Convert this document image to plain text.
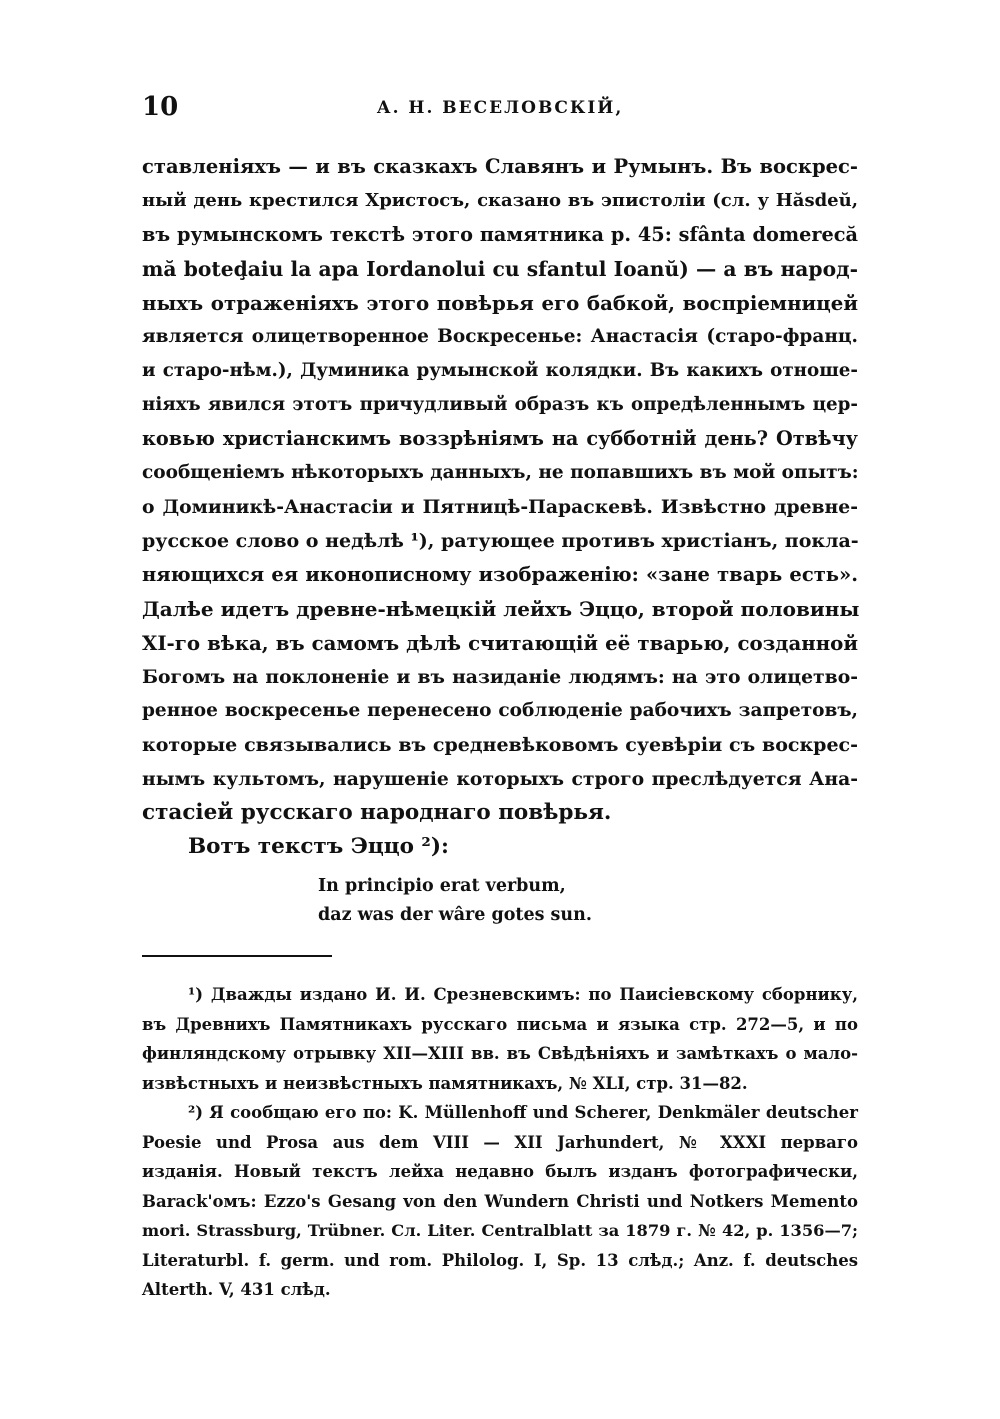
10	А. Н. ВЕСЕЛОВСКІЙ,
ставленіяхъ — и въ сказкахъ Славянъ и Румынъ. Въ воскрес-
ный день крестился Христосъ, сказано въ эпистоліи (сл. у Hăsdeŭ,
въ румынскомъ текстѣ этого памятника р. 45: sfânta domerecă
mă boteḑaiu la apa Iordanolui cu sfantul Ioanŭ) — а въ народ-
ныхъ отраженіяхъ этого повѣрья его бабкой, воспріемницей
является олицетворенное Воскресенье: Анастасія (старо-франц.
и старо-нѣм.), Думиника румынской колядки. Въ какихъ отноше-
ніяхъ явился этотъ причудливый образъ къ опредѣленнымъ цер-
ковью христіанскимъ воззрѣніямъ на субботній день? Отвѣчу
сообщеніемъ нѣкоторыхъ данныхъ, не попавшихъ въ мой опытъ:
о Доминикѣ-Анастасіи и Пятницѣ-Параскевѣ. Извѣстно древне-
русское слово о недѣлѣ ¹), ратующее противъ христіанъ, покла-
няющихся ея иконописному изображенію: «зане тварь есть».
Далѣе идетъ древне-нѣмецкій лейхъ Эццо, второй половины
XI-го вѣка, въ самомъ дѣлѣ считающій её тварью, созданной
Богомъ на поклоненіе и въ назиданіе людямъ: на это олицетво-
ренное воскресенье перенесено соблюденіе рабочихъ запретовъ,
которые связывались въ средневѣковомъ суевѣріи съ воскрес-
нымъ культомъ, нарушеніе которыхъ строго преслѣдуется Ана-
стасіей русскаго народнаго повѣрья.
Вотъ текстъ Эццо ²):
In principio erat verbum,
daz was der wâre gotes sun.
¹) Дважды издано И. И. Срезневскимъ: по Паисіевскому сборнику,
въ Древнихъ Памятникахъ русскаго письма и языка стр. 272—5, и по
финляндскому отрывку XII—XIII вв. въ Свѣдѣніяхъ и замѣткахъ о мало-
извѣстныхъ и неизвѣстныхъ памятникахъ, № XLI, стр. 31—82.
²) Я сообщаю его по: K. Müllenhoff und Scherer, Denkmäler deutscher
Poesie und Prosa aus dem VIII — XII Jarhundert, № XXXI перваго
изданія. Новый текстъ лейха недавно былъ изданъ фотографически,
Barack'омъ: Ezzo's Gesang von den Wundern Christi und Notkers Memento
mori. Strassburg, Trübner. Сл. Liter. Centralblatt за 1879 г. № 42, р. 1356—7;
Literaturbl. f. germ. und rom. Philolog. I, Sp. 13 слѣд.; Anz. f. deutsches
Alterth. V, 431 слѣд.
